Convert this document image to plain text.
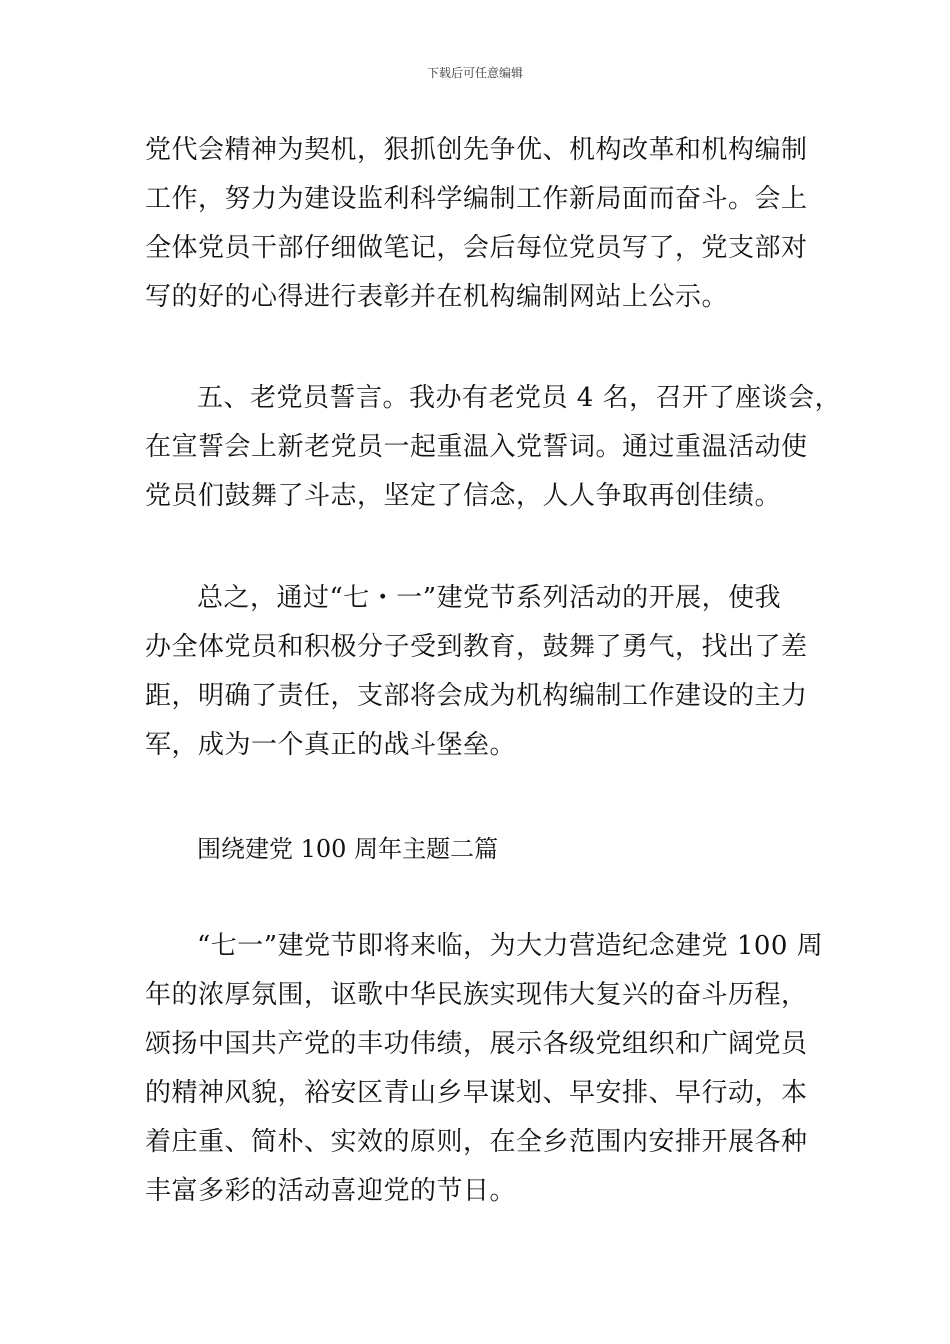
下载后可任意编辑

党代会精神为契机，狠抓创先争优、机构改革和机构编制
工作，努力为建设监利科学编制工作新局面而奋斗。会上
全体党员干部仔细做笔记，会后每位党员写了，党支部对
写的好的心得进行表彰并在机构编制网站上公示。

五、老党员誓言。我办有老党员 4 名，召开了座谈会，
在宣誓会上新老党员一起重温入党誓词。通过重温活动使
党员们鼓舞了斗志，坚定了信念，人人争取再创佳绩。

总之，通过“七・一”建党节系列活动的开展，使我
办全体党员和积极分子受到教育，鼓舞了勇气，找出了差
距，明确了责任，支部将会成为机构编制工作建设的主力
军，成为一个真正的战斗堡垒。

围绕建党 100 周年主题二篇

“七一”建党节即将来临，为大力营造纪念建党 100 周
年的浓厚氛围，讴歌中华民族实现伟大复兴的奋斗历程，
颂扬中国共产党的丰功伟绩，展示各级党组织和广阔党员
的精神风貌，裕安区青山乡早谋划、早安排、早行动，本
着庄重、简朴、实效的原则，在全乡范围内安排开展各种
丰富多彩的活动喜迎党的节日。
